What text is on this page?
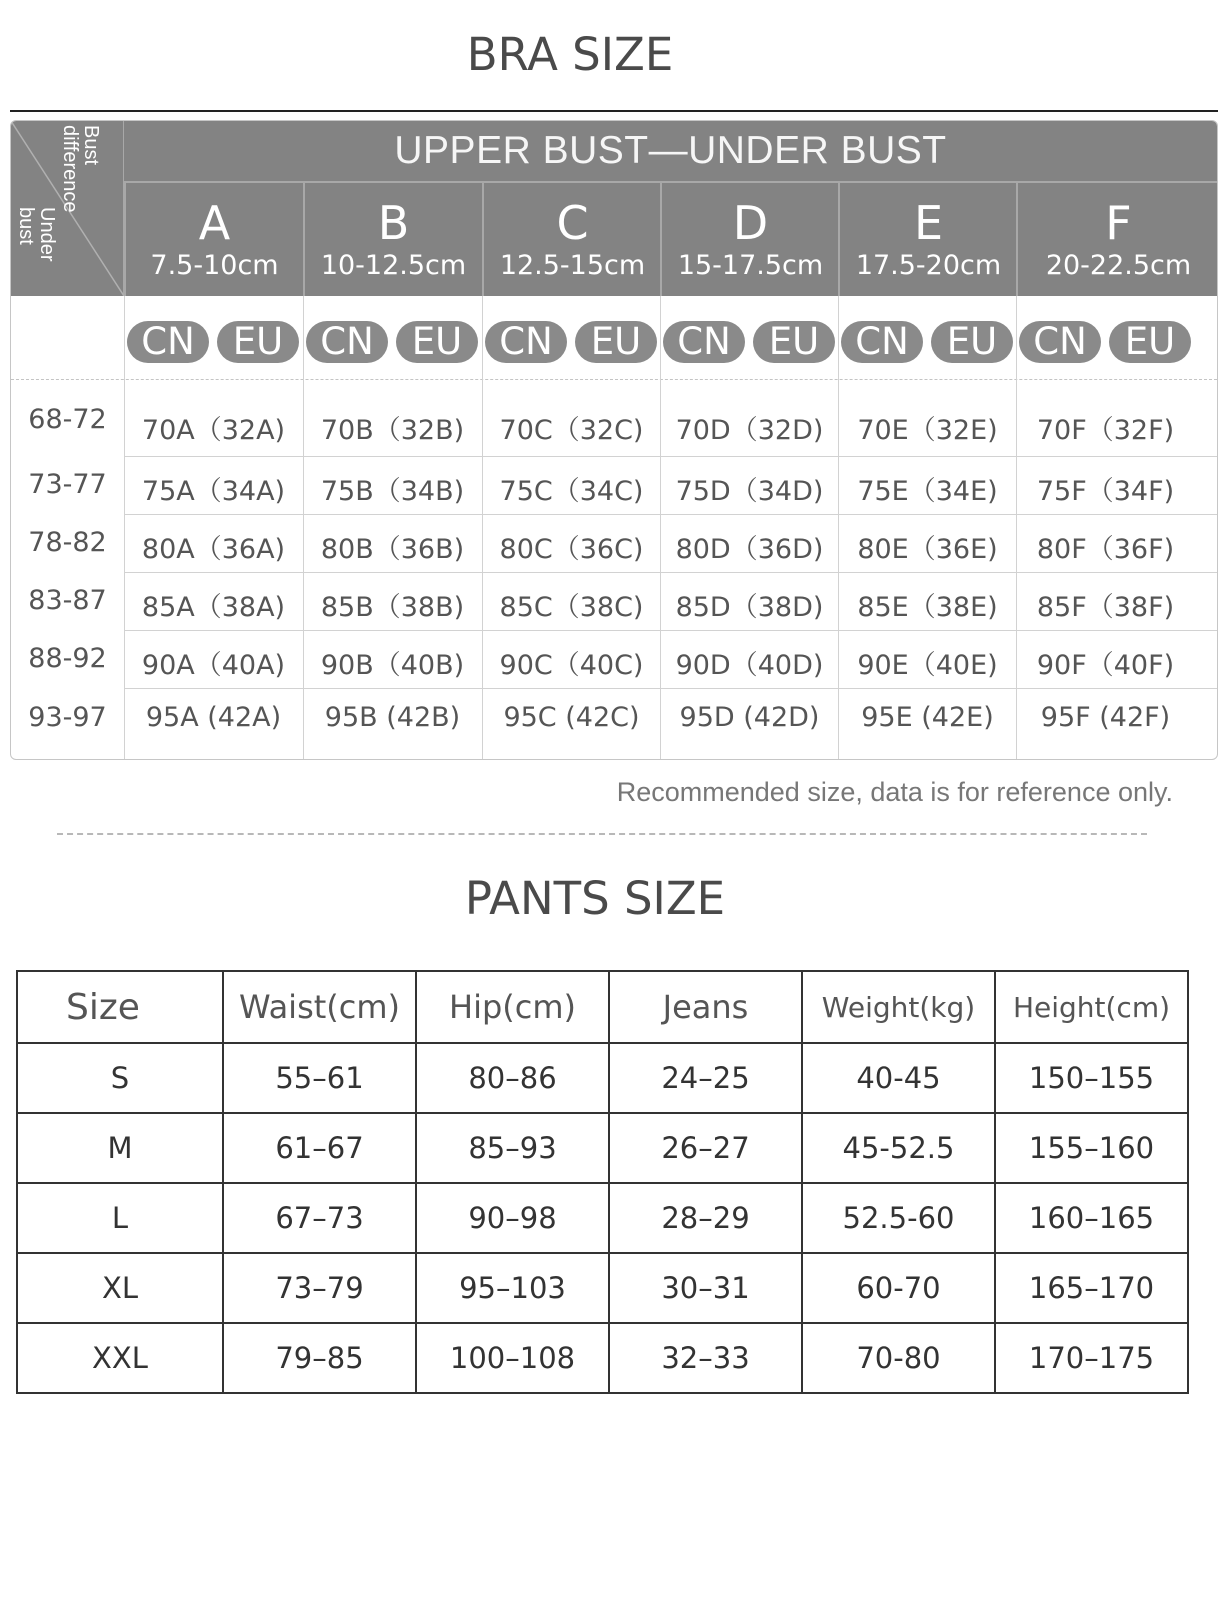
BRA SIZE
Bust
difference
Under
bust
UPPER BUST—UNDER BUST
A
7.5-10cm
CN	EU
B
10-12.5cm
CN	EU
C
12.5-15cm
CN	EU
D
15-17.5cm
CN	EU
E
17.5-20cm
CN	EU
F
20-22.5cm
CN	EU
68-72	70A（32A)	70B（32B)	70C（32C)	70D（32D)	70E（32E)	70F（32F)
73-77	75A（34A)	75B（34B)	75C（34C)	75D（34D)	75E（34E)	75F（34F)
78-82	80A（36A)	80B（36B)	80C（36C)	80D（36D)	80E（36E)	80F（36F)
83-87	85A（38A)	85B（38B)	85C（38C)	85D（38D)	85E（38E)	85F（38F)
88-92	90A（40A)	90B（40B)	90C（40C)	90D（40D)	90E（40E)	90F（40F)
93-97	95A (42A)	95B (42B)	95C (42C)	95D (42D)	95E (42E)	95F (42F)
Recommended size, data is for reference only.
PANTS SIZE
Size	Waist(cm)	Hip(cm)	Jeans	Weight(kg)	Height(cm)
S	55–61	80–86	24–25	40-45	150–155
M	61–67	85–93	26–27	45-52.5	155–160
L	67–73	90–98	28–29	52.5-60	160–165
XL	73–79	95–103	30–31	60-70	165–170
XXL	79–85	100–108	32–33	70-80	170–175
